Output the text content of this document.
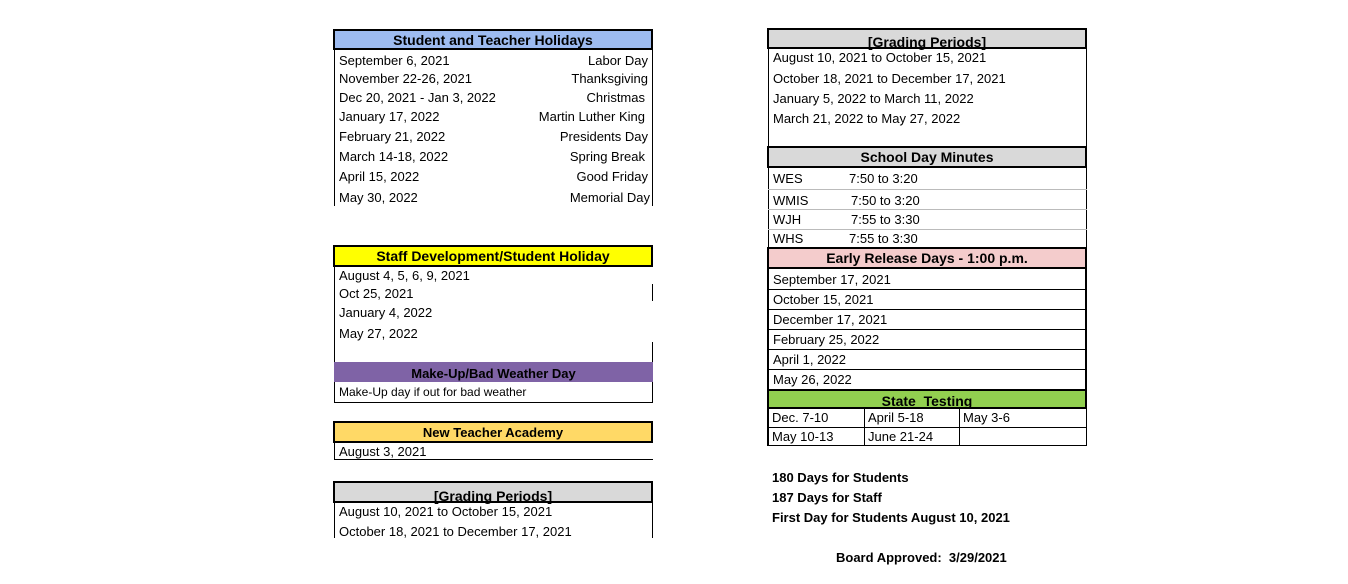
Student and Teacher Holidays
September 6, 2021	Labor Day
November 22-26, 2021	Thanksgiving
Dec 20, 2021 - Jan 3, 2022	Christmas
January 17, 2022	Martin Luther King
February 21, 2022	Presidents Day
March 14-18, 2022	Spring Break
April 15, 2022	Good Friday
May 30, 2022	Memorial Day
Staff Development/Student Holiday
August 4, 5, 6, 9, 2021
Oct 25, 2021
January 4, 2022
May 27, 2022
Make-Up/Bad Weather Day
Make-Up day if out for bad weather
New Teacher Academy
August 3, 2021
[Grading Periods]
August 10, 2021 to October 15, 2021
October 18, 2021 to December 17, 2021
[Grading Periods]
August 10, 2021 to October 15, 2021
October 18, 2021 to December 17, 2021
January 5, 2022 to March 11, 2022
March 21, 2022 to May 27, 2022
School Day Minutes
WES	7:50 to 3:20
WMIS	7:50 to 3:20
WJH	7:55 to 3:30
WHS	7:55 to 3:30
Early Release Days - 1:00 p.m.
September 17, 2021
October 15, 2021
December 17, 2021
February 25, 2022
April 1, 2022
May 26, 2022
State  Testing
Dec. 7-10	April 5-18	May 3-6
May 10-13	June 21-24
180 Days for Students
187 Days for Staff
First Day for Students August 10, 2021
Board Approved:  3/29/2021
